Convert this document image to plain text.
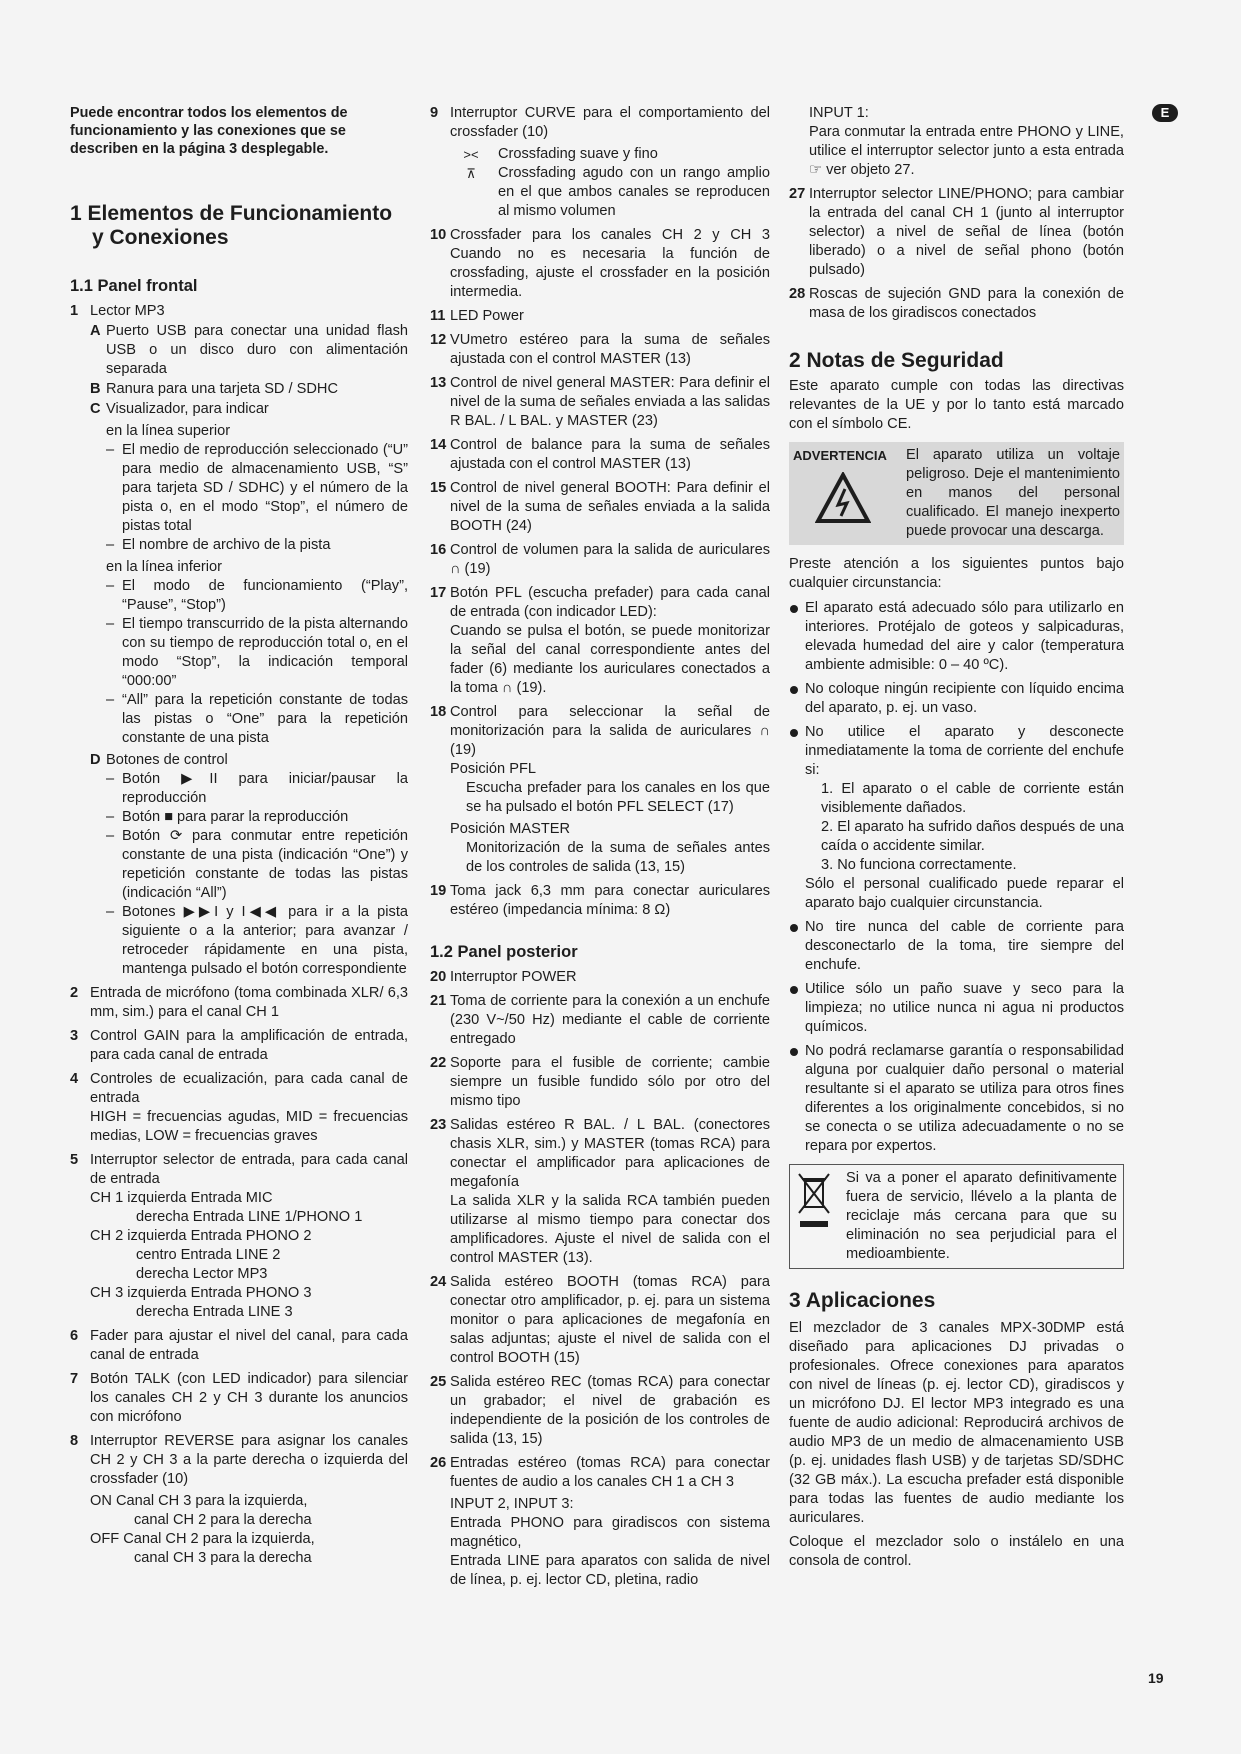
E

Puede encontrar todos los elementos de funcionamiento y las conexiones que se describen en la página 3 desplegable.

1 Elementos de Funcionamiento
y Conexiones
1.1 Panel frontal
1 Lector MP3
A Puerto USB para conectar una unidad flash USB o un disco duro con alimentación separada
B Ranura para una tarjeta SD / SDHC
C Visualizador, para indicar
en la línea superior
– El medio de reproducción seleccionado (“U” para medio de almacenamiento USB, “S” para tarjeta SD / SDHC) y el número de la pista o, en el modo “Stop”, el número de pistas total
– El nombre de archivo de la pista
en la línea inferior
– El modo de funcionamiento (“Play”, “Pause”, “Stop”)
– El tiempo transcurrido de la pista alternando con su tiempo de reproducción total o, en el modo “Stop”, la indicación temporal “000:00”
– “All” para la repetición constante de todas las pistas o “One” para la repetición constante de una pista
D Botones de control
– Botón ▶II para iniciar/pausar la reproducción
– Botón ■ para parar la reproducción
– Botón ⟳ para conmutar entre repetición constante de una pista (indicación “One”) y repetición constante de todas las pistas (indicación “All”)
– Botones ▶▶I y I◀◀ para ir a la pista siguiente o a la anterior; para avanzar / retroceder rápidamente en una pista, mantenga pulsado el botón correspondiente
2 Entrada de micrófono (toma combinada XLR/ 6,3 mm, sim.) para el canal CH 1
3 Control GAIN para la amplificación de entrada, para cada canal de entrada
4 Controles de ecualización, para cada canal de entrada
HIGH = frecuencias agudas, MID = frecuencias medias, LOW = frecuencias graves
5 Interruptor selector de entrada, para cada canal de entrada
CH 1 izquierda Entrada MIC
derecha Entrada LINE 1/PHONO 1
CH 2 izquierda Entrada PHONO 2
centro Entrada LINE 2
derecha Lector MP3
CH 3 izquierda Entrada PHONO 3
derecha Entrada LINE 3
6 Fader para ajustar el nivel del canal, para cada canal de entrada
7 Botón TALK (con LED indicador) para silenciar los canales CH 2 y CH 3 durante los anuncios con micrófono
8 Interruptor REVERSE para asignar los canales CH 2 y CH 3 a la parte derecha o izquierda del crossfader (10)
ON Canal CH 3 para la izquierda,
canal CH 2 para la derecha
OFF Canal CH 2 para la izquierda,
canal CH 3 para la derecha
9 Interruptor CURVE para el comportamiento del crossfader (10)
><	Crossfading suave y fino
⊼	Crossfading agudo con un rango amplio en el que ambos canales se reproducen al mismo volumen
10 Crossfader para los canales CH 2 y CH 3 Cuando no es necesaria la función de crossfading, ajuste el crossfader en la posición intermedia.
11 LED Power
12 VUmetro estéreo para la suma de señales ajustada con el control MASTER (13)
13 Control de nivel general MASTER: Para definir el nivel de la suma de señales enviada a las salidas R BAL. / L BAL. y MASTER (23)
14 Control de balance para la suma de señales ajustada con el control MASTER (13)
15 Control de nivel general BOOTH: Para definir el nivel de la suma de señales enviada a la salida BOOTH (24)
16 Control de volumen para la salida de auriculares ∩ (19)
17 Botón PFL (escucha prefader) para cada canal de entrada (con indicador LED):
Cuando se pulsa el botón, se puede monitorizar la señal del canal correspondiente antes del fader (6) mediante los auriculares conectados a la toma ∩ (19).
18 Control para seleccionar la señal de monitorización para la salida de auriculares ∩ (19)
Posición PFL
Escucha prefader para los canales en los que se ha pulsado el botón PFL SELECT (17)
Posición MASTER
Monitorización de la suma de señales antes de los controles de salida (13, 15)
19 Toma jack 6,3 mm para conectar auriculares estéreo (impedancia mínima: 8 Ω)
1.2 Panel posterior
20 Interruptor POWER
21 Toma de corriente para la conexión a un enchufe (230 V~/50 Hz) mediante el cable de corriente entregado
22 Soporte para el fusible de corriente; cambie siempre un fusible fundido sólo por otro del mismo tipo
23 Salidas estéreo R BAL. / L BAL. (conectores chasis XLR, sim.) y MASTER (tomas RCA) para conectar el amplificador para aplicaciones de megafonía
La salida XLR y la salida RCA también pueden utilizarse al mismo tiempo para conectar dos amplificadores. Ajuste el nivel de salida con el control MASTER (13).
24 Salida estéreo BOOTH (tomas RCA) para conectar otro amplificador, p. ej. para un sistema monitor o para aplicaciones de megafonía en salas adjuntas; ajuste el nivel de salida con el control BOOTH (15)
25 Salida estéreo REC (tomas RCA) para conectar un grabador; el nivel de grabación es independiente de la posición de los controles de salida (13, 15)
26 Entradas estéreo (tomas RCA) para conectar fuentes de audio a los canales CH 1 a CH 3
INPUT 2, INPUT 3:
Entrada PHONO para giradiscos con sistema magnético,
Entrada LINE para aparatos con salida de nivel de línea, p. ej. lector CD, pletina, radio
INPUT 1:
Para conmutar la entrada entre PHONO y LINE, utilice el interruptor selector junto a esta entrada ☞ ver objeto 27.
27 Interruptor selector LINE/PHONO; para cambiar la entrada del canal CH 1 (junto al interruptor selector) a nivel de señal de línea (botón liberado) o a nivel de señal phono (botón pulsado)
28 Roscas de sujeción GND para la conexión de masa de los giradiscos conectados
2 Notas de Seguridad

Este aparato cumple con todas las directivas relevantes de la UE y por lo tanto está marcado con el símbolo CE.

ADVERTENCIA	El aparato utiliza un voltaje peligroso. Deje el mantenimiento en manos del personal cualificado. El manejo inexperto puede provocar una descarga.

Preste atención a los siguientes puntos bajo cualquier circunstancia:

El aparato está adecuado sólo para utilizarlo en interiores. Protéjalo de goteos y salpicaduras, elevada humedad del aire y calor (temperatura ambiente admisible: 0 – 40 ºC).
No coloque ningún recipiente con líquido encima del aparato, p. ej. un vaso.
No utilice el aparato y desconecte inmediatamente la toma de corriente del enchufe si:
1. El aparato o el cable de corriente están visiblemente dañados.
2. El aparato ha sufrido daños después de una caída o accidente similar.
3. No funciona correctamente.
Sólo el personal cualificado puede reparar el aparato bajo cualquier circunstancia.
No tire nunca del cable de corriente para desconectarlo de la toma, tire siempre del enchufe.
Utilice sólo un paño suave y seco para la limpieza; no utilice nunca ni agua ni productos químicos.
No podrá reclamarse garantía o responsabilidad alguna por cualquier daño personal o material resultante si el aparato se utiliza para otros fines diferentes a los originalmente concebidos, si no se conecta o se utiliza adecuadamente o no se repara por expertos.
Si va a poner el aparato definitivamente fuera de servicio, llévelo a la planta de reciclaje más cercana para que su eliminación no sea perjudicial para el medioambiente.
3 Aplicaciones

El mezclador de 3 canales MPX-30DMP está diseñado para aplicaciones DJ privadas o profesionales. Ofrece conexiones para aparatos con nivel de líneas (p. ej. lector CD), giradiscos y un micrófono DJ. El lector MP3 integrado es una fuente de audio adicional: Reproducirá archivos de audio MP3 de un medio de almacenamiento USB (p. ej. unidades flash USB) y de tarjetas SD/SDHC (32 GB máx.). La escucha prefader está disponible para todas las fuentes de audio mediante los auriculares.

Coloque el mezclador solo o instálelo en una consola de control.

19
